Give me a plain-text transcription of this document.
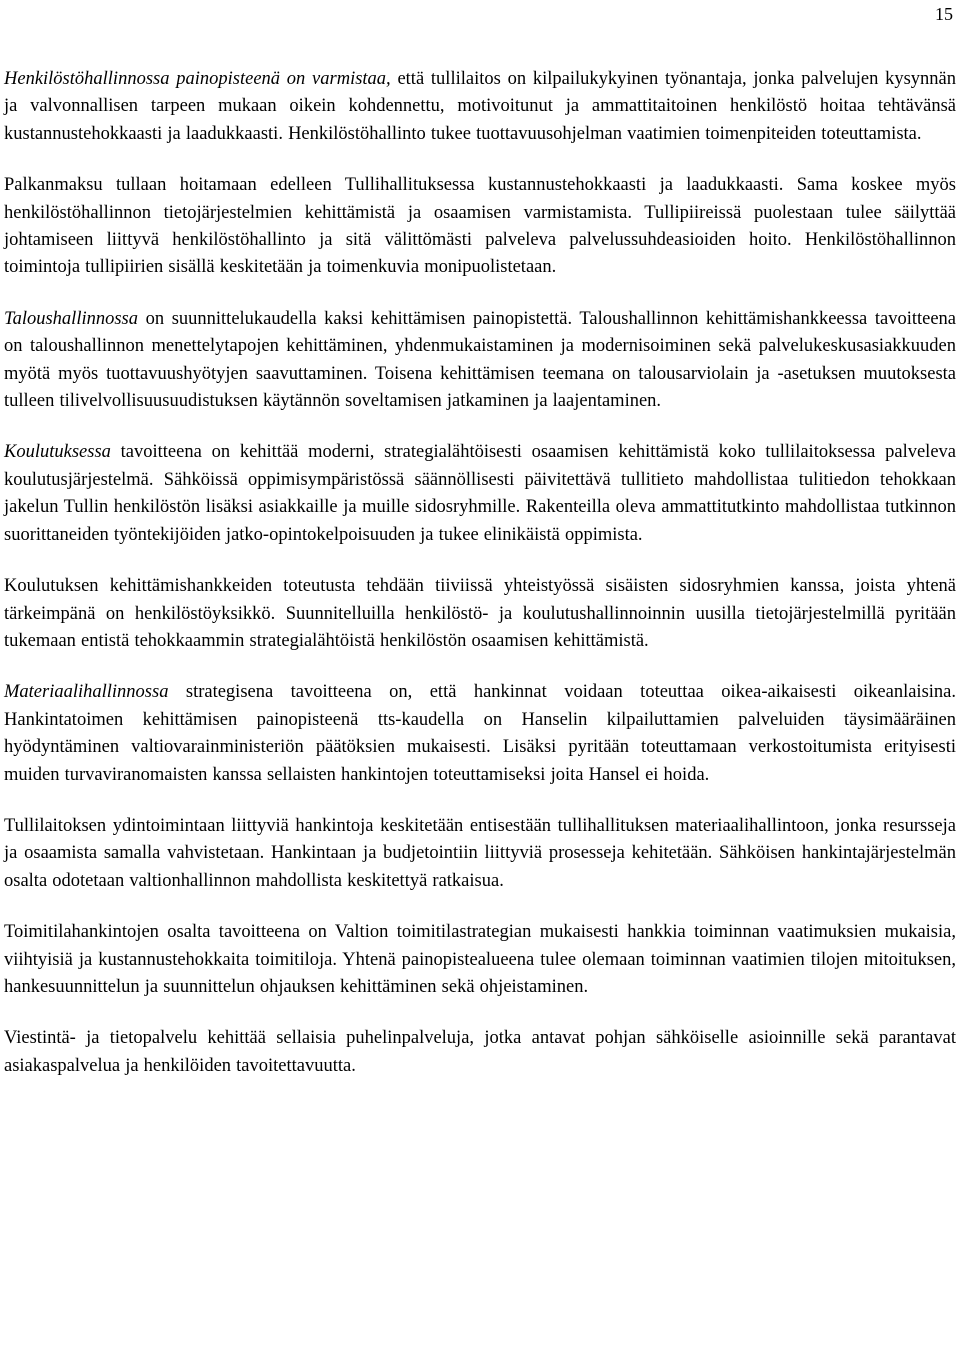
15

Henkilöstöhallinnossa painopisteenä on varmistaa, että tullilaitos on kilpailukykyinen työnantaja, jonka palvelujen kysynnän ja valvonnallisen tarpeen mukaan oikein kohdennettu, motivoitunut ja ammattitaitoinen henkilöstö hoitaa tehtävänsä kustannustehokkaasti ja laadukkaasti. Henkilöstöhallinto tukee tuottavuusohjelman vaatimien toimenpiteiden toteuttamista.

Palkanmaksu tullaan hoitamaan edelleen Tullihallituksessa kustannustehokkaasti ja laadukkaasti. Sama koskee myös henkilöstöhallinnon tietojärjestelmien kehittämistä ja osaamisen varmistamista. Tullipiireissä puolestaan tulee säilyttää johtamiseen liittyvä henkilöstöhallinto ja sitä välittömästi palveleva palvelussuhdeasioiden hoito. Henkilöstöhallinnon toimintoja tullipiirien sisällä keskitetään ja toimenkuvia monipuolistetaan.

Taloushallinnossa on suunnittelukaudella kaksi kehittämisen painopistettä. Taloushallinnon kehittämishankkeessa tavoitteena on taloushallinnon menettelytapojen kehittäminen, yhdenmukaistaminen ja modernisoiminen sekä palvelukeskusasiakkuuden myötä myös tuottavuushyötyjen saavuttaminen. Toisena kehittämisen teemana on talousarviolain ja -asetuksen muutoksesta tulleen tilivelvollisuusuudistuksen käytännön soveltamisen jatkaminen ja laajentaminen.

Koulutuksessa tavoitteena on kehittää moderni, strategialähtöisesti osaamisen kehittämistä koko tullilaitoksessa palveleva koulutusjärjestelmä. Sähköissä oppimisympäristössä säännöllisesti päivitettävä tullitieto mahdollistaa tulitiedon tehokkaan jakelun Tullin henkilöstön lisäksi asiakkaille ja muille sidosryhmille. Rakenteilla oleva ammattitutkinto mahdollistaa tutkinnon suorittaneiden työntekijöiden jatko-opintokelpoisuuden ja tukee elinikäistä oppimista.

Koulutuksen kehittämishankkeiden toteutusta tehdään tiiviissä yhteistyössä sisäisten sidosryhmien kanssa, joista yhtenä tärkeimpänä on henkilöstöyksikkö. Suunnitelluilla henkilöstö- ja koulutushallinnoinnin uusilla tietojärjestelmillä pyritään tukemaan entistä tehokkaammin strategialähtöistä henkilöstön osaamisen kehittämistä.

Materiaalihallinnossa strategisena tavoitteena on, että hankinnat voidaan toteuttaa oikea-aikaisesti oikeanlaisina. Hankintatoimen kehittämisen painopisteenä tts-kaudella on Hanselin kilpailuttamien palveluiden täysimääräinen hyödyntäminen valtiovarainministeriön päätöksien mukaisesti. Lisäksi pyritään toteuttamaan verkostoitumista erityisesti muiden turvaviranomaisten kanssa sellaisten hankintojen toteuttamiseksi joita Hansel ei hoida.

Tullilaitoksen ydintoimintaan liittyviä hankintoja keskitetään entisestään tullihallituksen materiaalihallintoon, jonka resursseja ja osaamista samalla vahvistetaan. Hankintaan ja budjetointiin liittyviä prosesseja kehitetään. Sähköisen hankintajärjestelmän osalta odotetaan valtionhallinnon mahdollista keskitettyä ratkaisua.

Toimitilahankintojen osalta tavoitteena on Valtion toimitilastrategian mukaisesti hankkia toiminnan vaatimuksien mukaisia, viihtyisiä ja kustannustehokkaita toimitiloja. Yhtenä painopistealueena tulee olemaan toiminnan vaatimien tilojen mitoituksen, hankesuunnittelun ja suunnittelun ohjauksen kehittäminen sekä ohjeistaminen.

Viestintä- ja tietopalvelu kehittää sellaisia puhelinpalveluja, jotka antavat pohjan sähköiselle asioinnille sekä parantavat asiakaspalvelua ja henkilöiden tavoitettavuutta.
